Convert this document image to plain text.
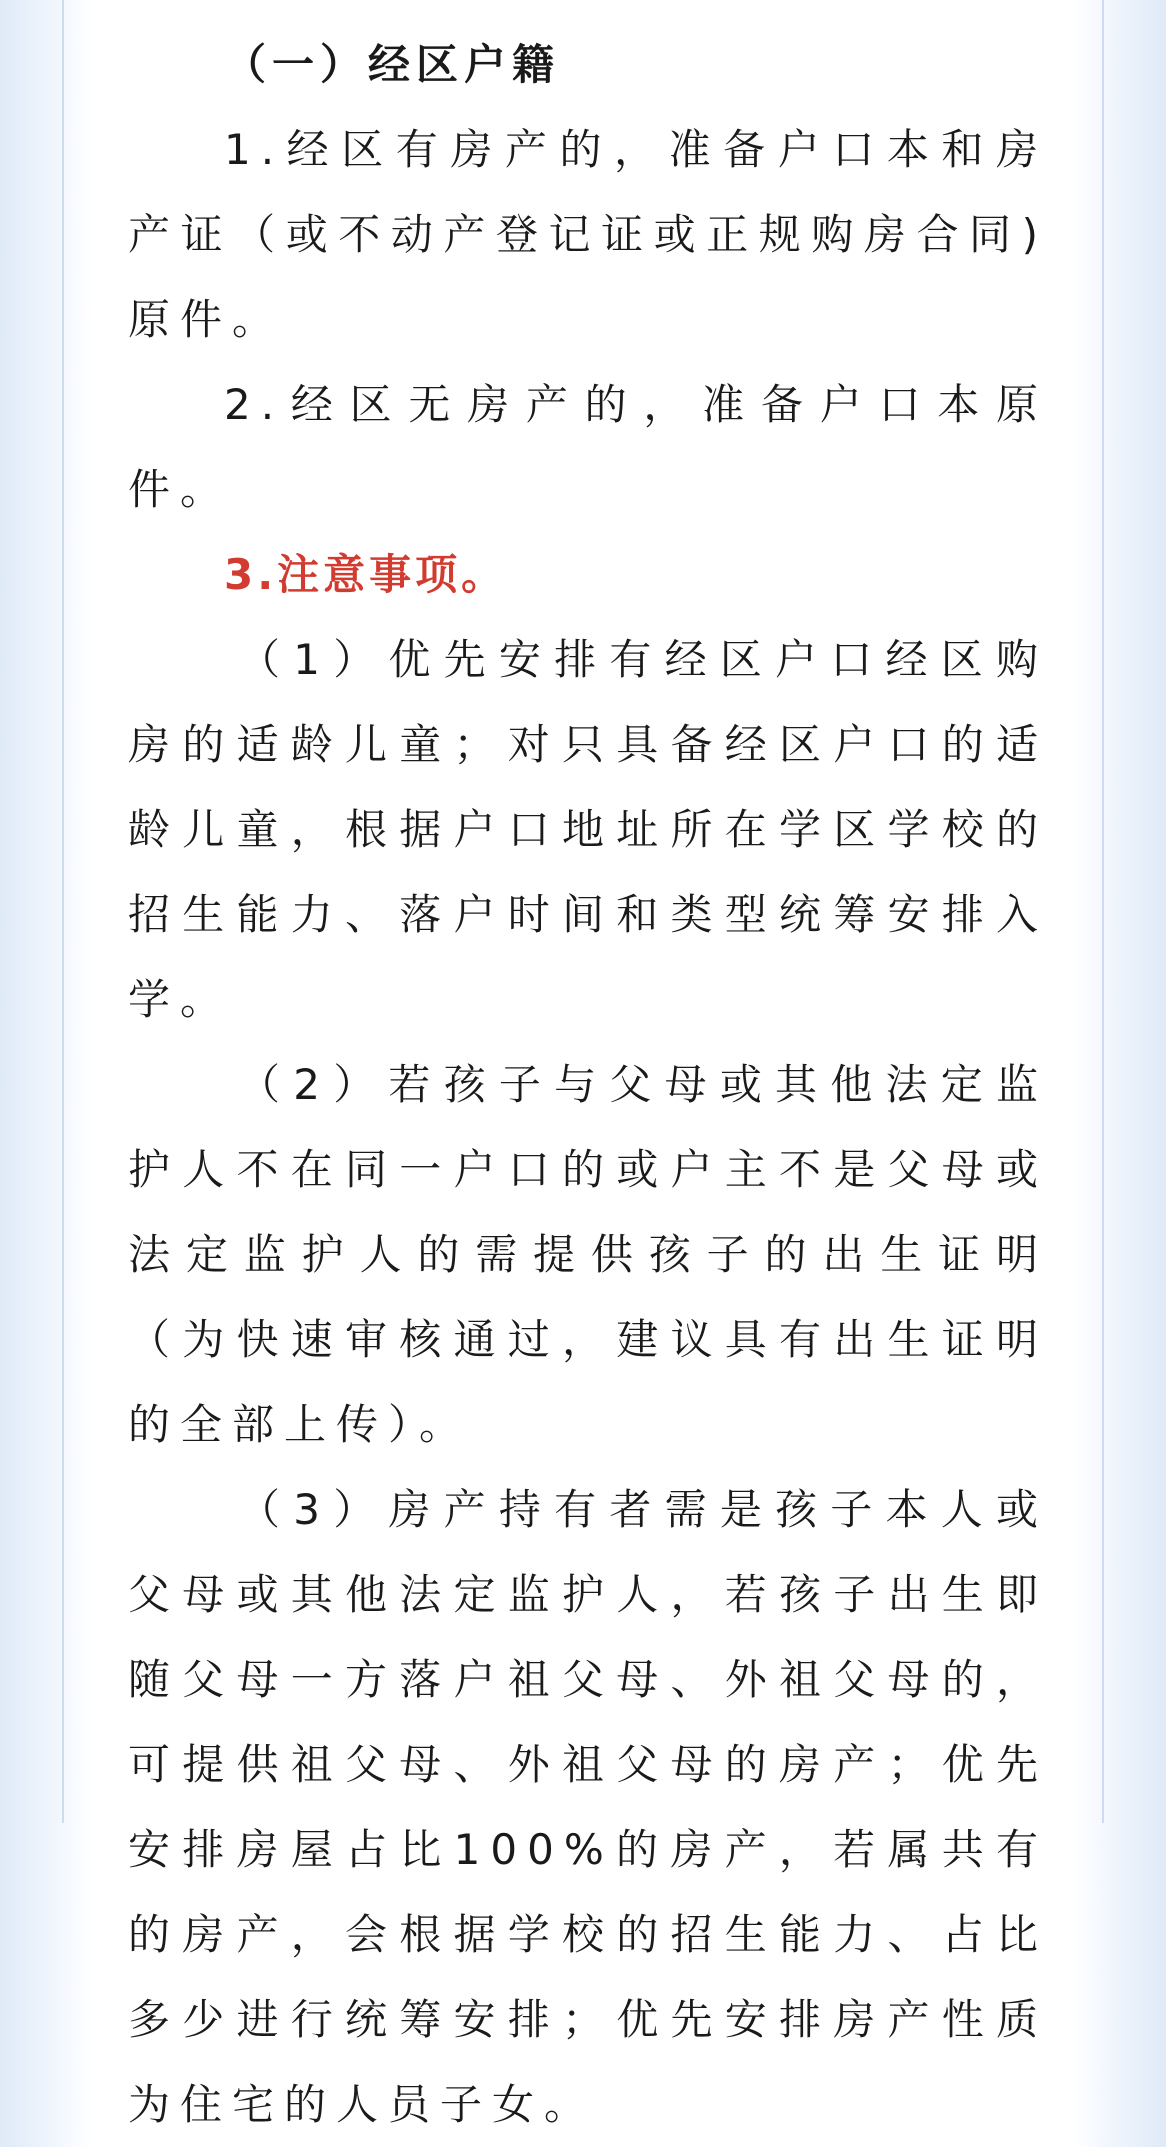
（一）经区户籍

1.经区有房产的，准备户口本和房产证（或不动产登记证或正规购房合同)原件。

2.经区无房产的，准备户口本原件。

3.注意事项。

（1）优先安排有经区户口经区购房的适龄儿童；对只具备经区户口的适龄儿童，根据户口地址所在学区学校的招生能力、落户时间和类型统筹安排入学。

（2）若孩子与父母或其他法定监护人不在同一户口的或户主不是父母或法定监护人的需提供孩子的出生证明（为快速审核通过，建议具有出生证明的全部上传）。

（3）房产持有者需是孩子本人或父母或其他法定监护人，若孩子出生即随父母一方落户祖父母、外祖父母的，可提供祖父母、外祖父母的房产；优先安排房屋占比100%的房产，若属共有的房产，会根据学校的招生能力、占比多少进行统筹安排；优先安排房产性质为住宅的人员子女。
